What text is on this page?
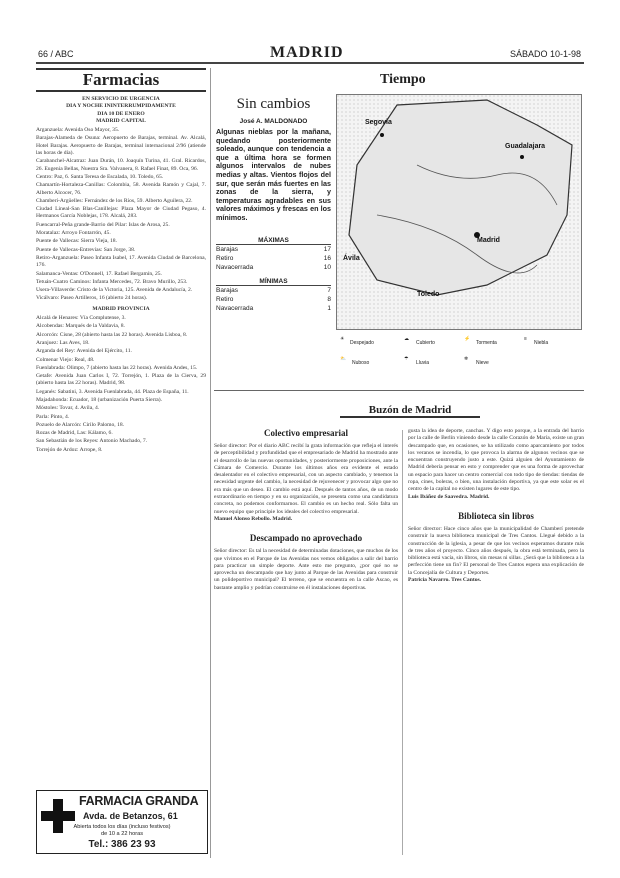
66 / ABC	MADRID	SÁBADO 10-1-98
Farmacias
EN SERVICIO DE URGENCIA
DIA Y NOCHE ININTERRUMPIDAMENTE
DIA 10 DE ENERO
MADRID CAPITAL
Arganzuela: Avenida Oso Mayor, 35.
Barajas-Alameda de Osuna: Aeropuerto de Barajas, terminal. Av. Alcalá, Hotel Barajas. Aeropuerto de Barajas, terminal internacional 2/96 (atiende las horas de día).
Carabanchel-Alcatraz: Juan Durán, 10. Joaquín Turina, 41. Gral. Ricardos, 26. Eugenia Bellas, Nuestra Sra. Valvanera, 8. Rafael Finat, 89. Oca, 96.
Centro: Paz, 6. Santa Teresa de Escalada, 10. Toledo, 65.
Chamartín-Hortaleza-Canillas: Colombia, 58. Avenida Ramón y Cajal, 7. Alberto Alcocer, 76.
Chamberí-Argüelles: Fernández de los Ríos, 59. Alberto Aguilera, 22.
Ciudad Lineal-San Blas-Canillejas: Plaza Mayor de Ciudad Pegaso, 4. Hermanos García Noblejas, 178. Alcalá, 283.
Fuencarral-Peña grande-Barrio del Pilar: Islas de Arosa, 25.
Moratalaz: Arroyo Fontarrón, 45.
Puente de Vallecas: Sierra Vieja, 18.
Puente de Vallecas-Entrevías: San Jorge, 38.
Retiro-Arganzuela: Paseo Infanta Isabel, 17. Avenida Ciudad de Barcelona, 176.
Salamanca-Ventas: O'Donnell, 17. Rafael Bergamín, 25.
Tetuán-Cuatro Caminos: Infanta Mercedes, 72. Bravo Murillo, 253.
Usera-Villaverde: Cristo de la Victoria, 125. Avenida de Andalucía, 2.
Vicálvaro: Paseo Artilleros, 16 (abierto 24 horas).
MADRID PROVINCIA
Alcalá de Henares: Vía Complutense, 3.
Alcobendas: Marqués de la Valdavia, 8.
Alcorcón: Cisne, 28 (abierto hasta las 22 horas). Avenida Lisboa, 8.
Aranjuez: Las Aves, 18.
Arganda del Rey: Avenida del Ejército, 11.
Colmenar Viejo: Real, 48.
Fuenlabrada: Olimpo, 7 (abierto hasta las 22 horas). Avenida Andes, 15.
Getafe: Avenida Juan Carlos I, 72. Torrejón, 1. Plaza de la Cierva, 29 (abierto hasta las 22 horas). Madrid, 98.
Leganés: Sabatini, 3. Avenida Fuenlabrada, 44. Plaza de España, 11.
Majadahonda: Ecuador, 18 (urbanización Puerta Sierra).
Móstoles: Tovar, 4. Avila, 4.
Parla: Pinto, 4.
Pozuelo de Alarcón: Cirilo Palomo, 18.
Rozas de Madrid, Las: Kálamo, 6.
San Sebastián de los Reyes: Antonio Machado, 7.
Torrejón de Ardoz: Arrope, 8.
FARMACIA GRANDA
Avda. de Betanzos, 61
Abierta todos los días (incluso festivos)
de 10 a 22 horas
Tel.: 386 23 93
Tiempo
Sin cambios
José A. MALDONADO
Algunas nieblas por la mañana, quedando posteriormente soleado, aunque con tendencia a que a última hora se formen algunos intervalos de nubes medias y altas. Vientos flojos del sur, que serán más fuertes en las zonas de la sierra, y temperaturas agradables en sus valores máximos y frescas en los mínimos.
MÁXIMAS
Barajas	17
Retiro	16
Navacerrada	10
MÍNIMAS
Barajas	7
Retiro	8
Navacerrada	1
Segovia
Guadalajara
Madrid
Toledo
Ávila
☀
Despejado
☁
Cubierto
⚡
Tormenta
≡
Niebla
⛅
Nuboso
☂
Lluvia
❄
Nieve
Buzón de Madrid
Colectivo empresarial
Señor director: Por el diario ABC recibí la grata información que refleja el interés de perceptibilidad y profundidad que el empresariado de Madrid ha mostrado ante el desarrollo de las nuevas oportunidades, y posteriormente proposiciones, ante la Cámara de Comercio. Durante los últimos años era evidente el estado desalentador en el colectivo empresarial, con un aspecto cambiado, y tenemos la necesidad urgente del cambio, la necesidad de rejuvenecer y provocar algo que no era más que un deseo. El cambio está aquí. Después de tantos años, de un modo extraordinario en tiempo y en su organización, se presenta como una candidatura concreta, no podemos conformarnos. El cambio es un hecho real. Sólo falta un nuevo equipo que principie los ideales del colectivo empresarial.
Manuel Alonso Rebollo. Madrid.
Descampado no aprovechado
Señor director: Es tal la necesidad de determinadas dotaciones, que muchos de los que vivimos en el Parque de las Avenidas nos vemos obligados a salir del barrio para practicar un simple deporte. Ante esto me pregunto, ¿por qué no se aprovecha un descampado que hay junto al Parque de las Avenidas para construir un polideportivo municipal? El terreno, que se encuentra en la calle Ascao, es bastante amplio y podrían construirse en él instalaciones deportivas.
gusta la idea de deporte, canchas. Y digo esto porque, a la entrada del barrio por la calle de Berlín viniendo desde la calle Corazón de María, existe un gran descampado que, en ocasiones, se ha utilizado como aparcamiento por todos los veranos se incendia, lo que provoca la alarma de algunos vecinos que se encuentran construyendo justo a este. Quizá alguien del Ayuntamiento de Madrid debería pensar en esto y comprender que es una forma de aprovechar un espacio para hacer un centro comercial con todo tipo de tiendas: tiendas de ropa, cines, boleras, o bien, una instalación deportiva, ya que este solar es el centro de la capital no existen lugares de este tipo.
Luis Ibáñez de Saavedra. Madrid.
Biblioteca sin libros
Señor director: Hace cinco años que la municipalidad de Chamberí pretende construir la nueva biblioteca municipal de Tres Cantos. Llegué debido a la construcción de la iglesia, a pesar de que los vecinos esperamos durante más de tres años el proyecto. Cinco años después, la obra está terminada, pero la biblioteca está vacía, sin libros, sin mesas ni sillas. ¿Será que la biblioteca a la perfección tiene un fin? El personal de Tres Cantos espera una explicación de la Concejalía de Cultura y Deportes.
Patricia Navarro. Tres Cantos.
